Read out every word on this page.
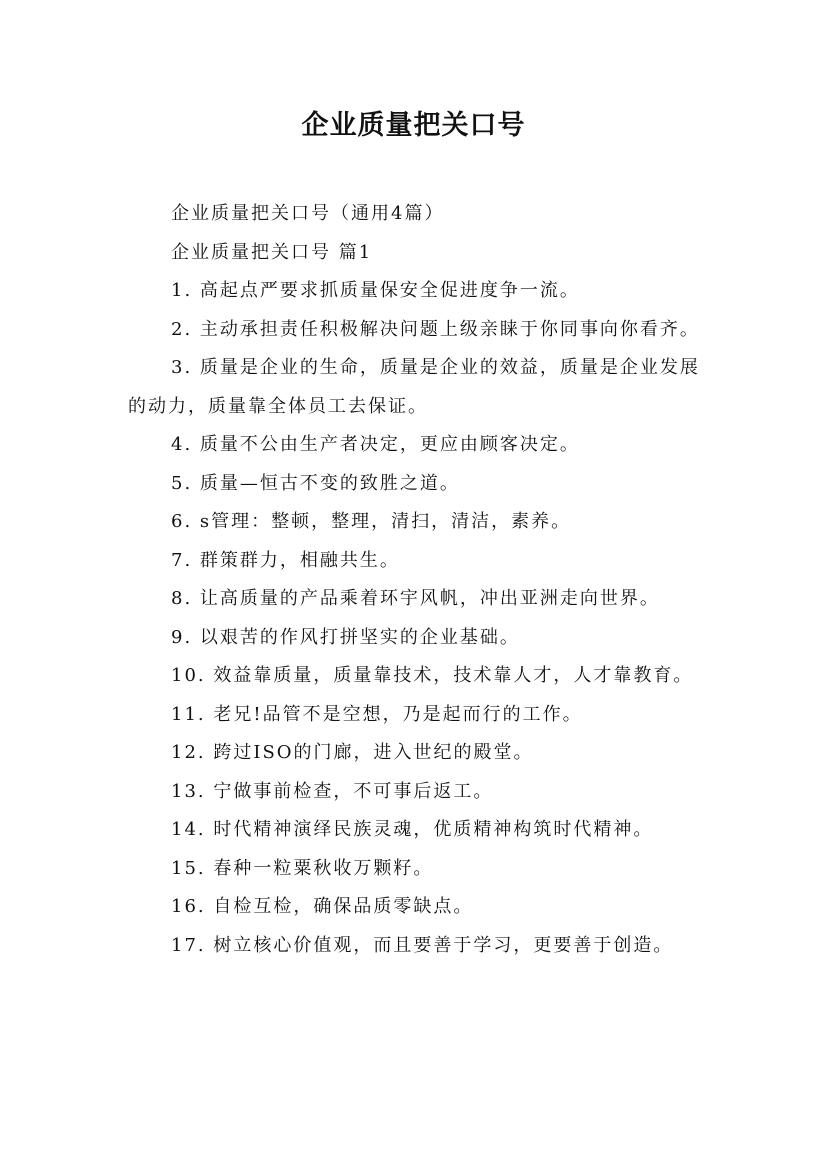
企业质量把关口号

企业质量把关口号（通用4篇）

企业质量把关口号 篇1

1. 高起点严要求抓质量保安全促进度争一流。

2. 主动承担责任积极解决问题上级亲睐于你同事向你看齐。

3. 质量是企业的生命，质量是企业的效益，质量是企业发展的动力，质量靠全体员工去保证。

4. 质量不公由生产者决定，更应由顾客决定。

5. 质量—恒古不变的致胜之道。

6. s管理：整顿，整理，清扫，清洁，素养。

7. 群策群力，相融共生。

8. 让高质量的产品乘着环宇风帆，冲出亚洲走向世界。

9. 以艰苦的作风打拼坚实的企业基础。

10. 效益靠质量，质量靠技术，技术靠人才，人才靠教育。

11. 老兄!品管不是空想，乃是起而行的工作。

12. 跨过ISO的门廊，进入世纪的殿堂。

13. 宁做事前检查，不可事后返工。

14. 时代精神演绎民族灵魂，优质精神构筑时代精神。

15. 春种一粒粟秋收万颗籽。

16. 自检互检，确保品质零缺点。

17. 树立核心价值观，而且要善于学习，更要善于创造。
